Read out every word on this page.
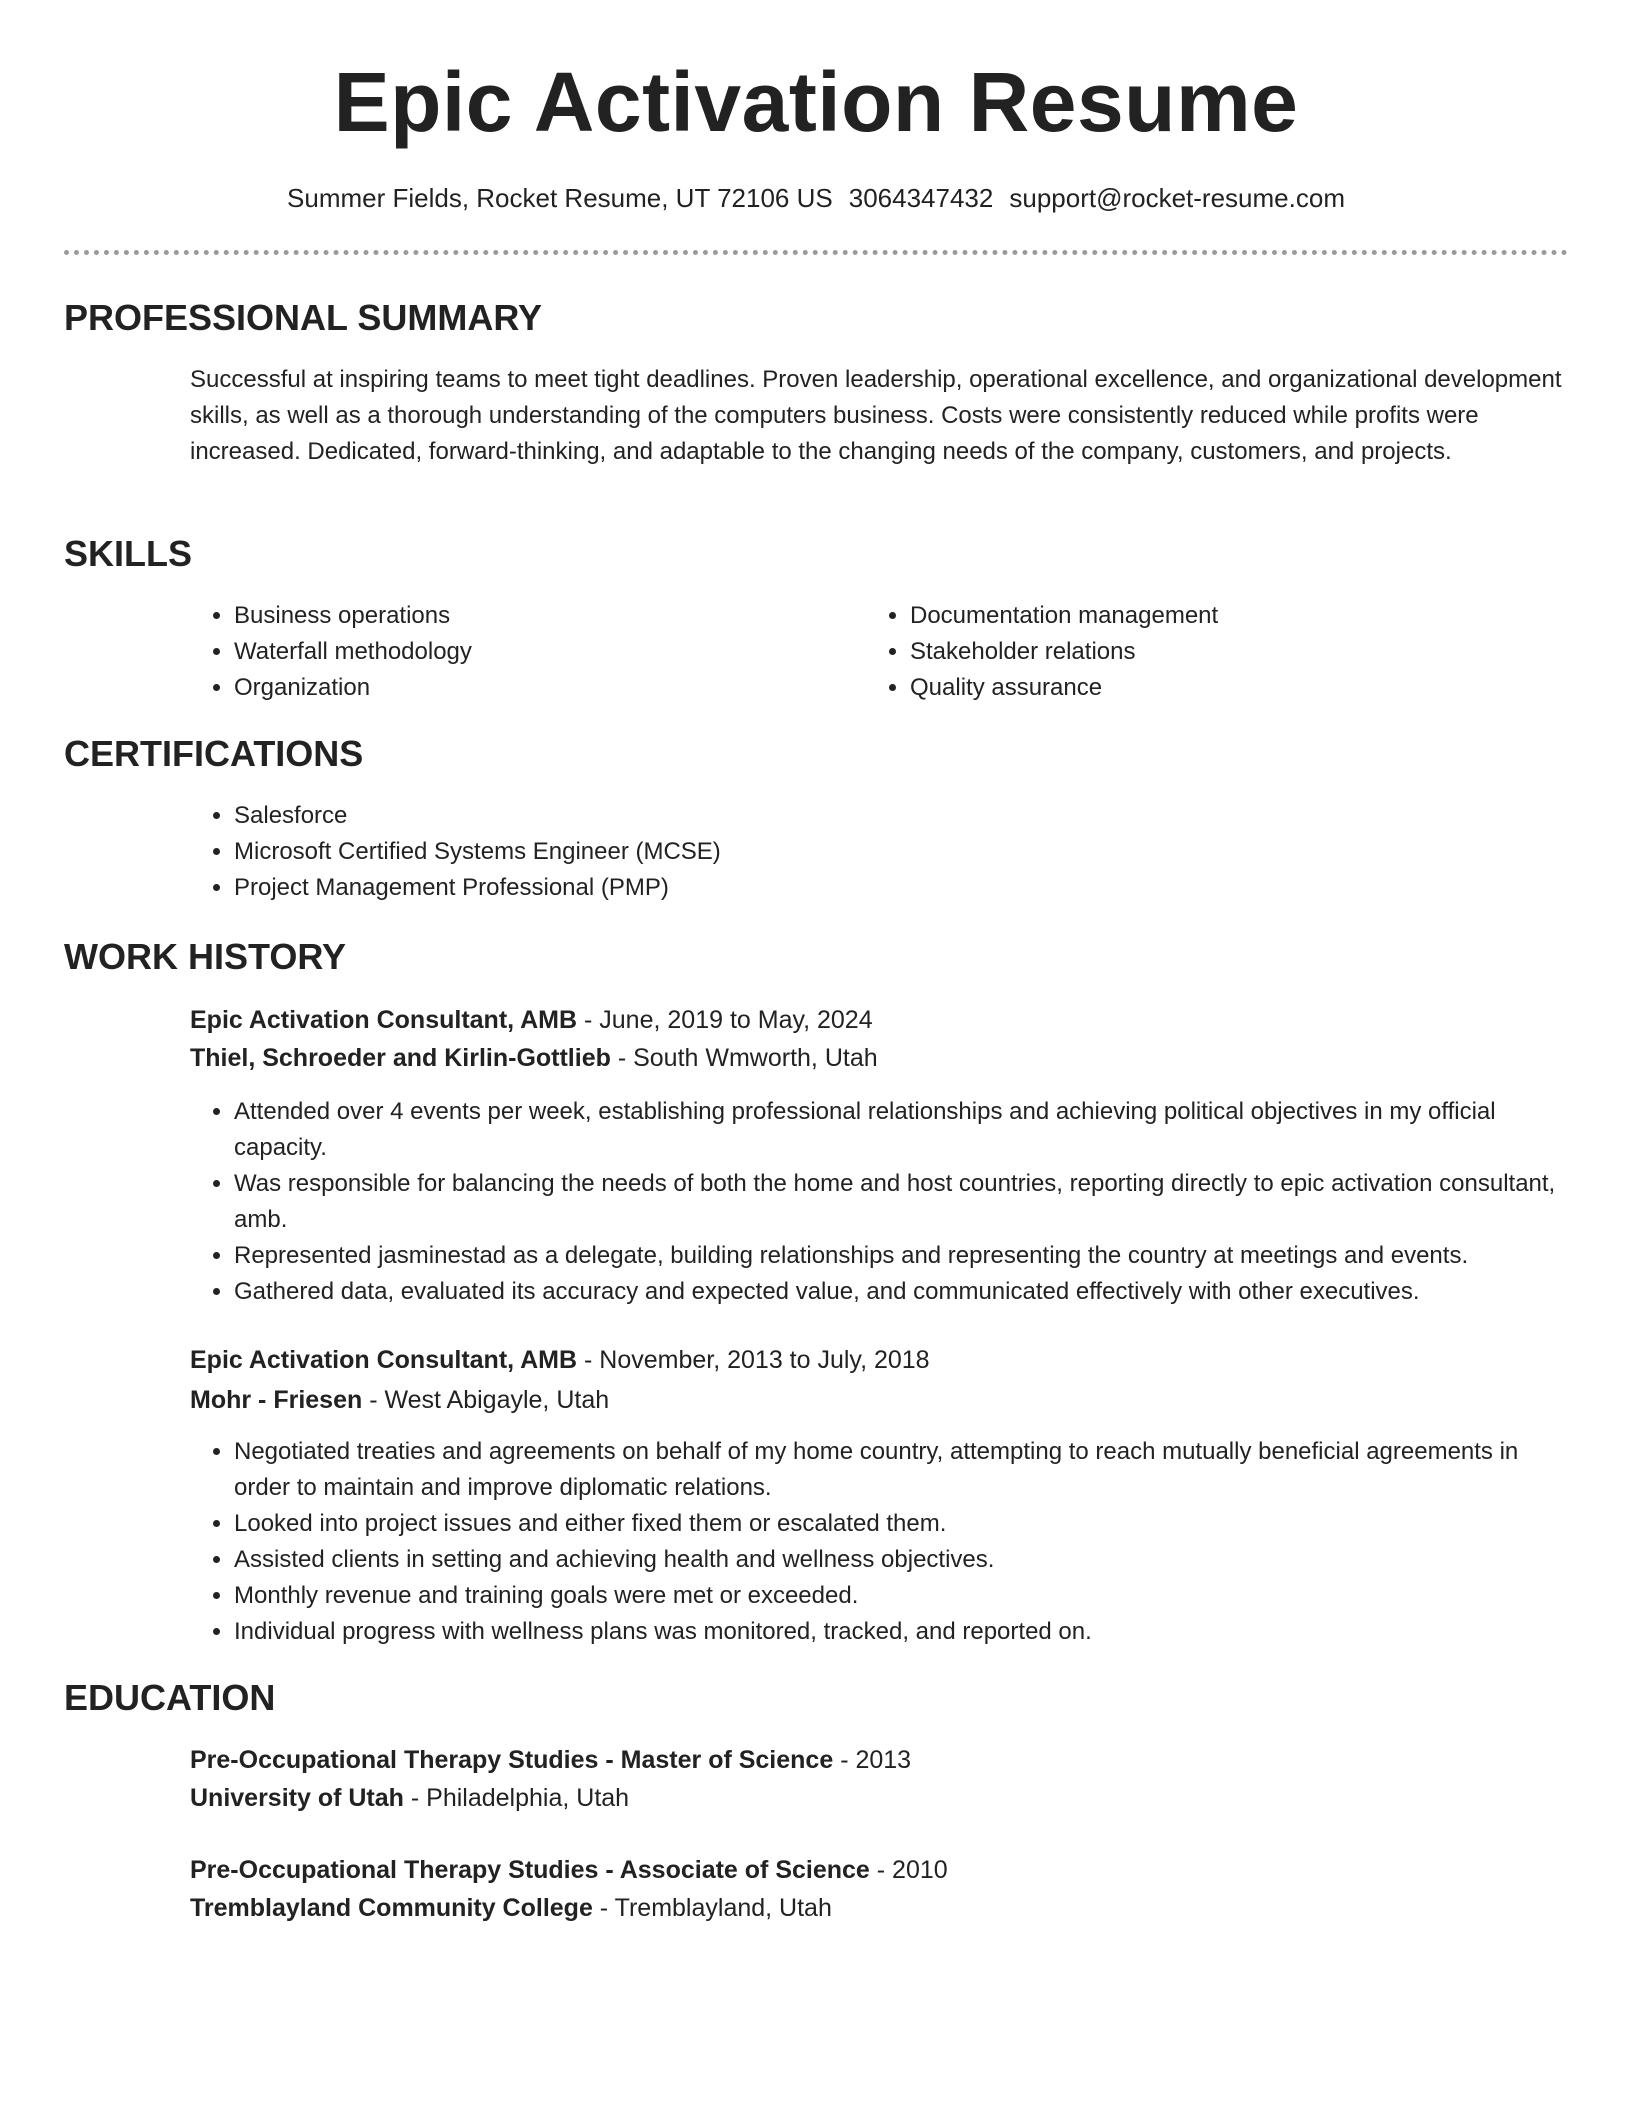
Epic Activation Resume
Summer Fields, Rocket Resume, UT 72106 US 3064347432 support@rocket-resume.com
PROFESSIONAL SUMMARY
Successful at inspiring teams to meet tight deadlines. Proven leadership, operational excellence, and organizational development skills, as well as a thorough understanding of the computers business. Costs were consistently reduced while profits were increased. Dedicated, forward-thinking, and adaptable to the changing needs of the company, customers, and projects.
SKILLS
• Business operations
• Waterfall methodology
• Organization
• Documentation management
• Stakeholder relations
• Quality assurance
CERTIFICATIONS
• Salesforce
• Microsoft Certified Systems Engineer (MCSE)
• Project Management Professional (PMP)
WORK HISTORY
Epic Activation Consultant, AMB - June, 2019 to May, 2024
Thiel, Schroeder and Kirlin-Gottlieb - South Wmworth, Utah
• Attended over 4 events per week, establishing professional relationships and achieving political objectives in my official capacity.
• Was responsible for balancing the needs of both the home and host countries, reporting directly to epic activation consultant, amb.
• Represented jasminestad as a delegate, building relationships and representing the country at meetings and events.
• Gathered data, evaluated its accuracy and expected value, and communicated effectively with other executives.
Epic Activation Consultant, AMB - November, 2013 to July, 2018
Mohr - Friesen - West Abigayle, Utah
• Negotiated treaties and agreements on behalf of my home country, attempting to reach mutually beneficial agreements in order to maintain and improve diplomatic relations.
• Looked into project issues and either fixed them or escalated them.
• Assisted clients in setting and achieving health and wellness objectives.
• Monthly revenue and training goals were met or exceeded.
• Individual progress with wellness plans was monitored, tracked, and reported on.
EDUCATION
Pre-Occupational Therapy Studies - Master of Science - 2013
University of Utah - Philadelphia, Utah
Pre-Occupational Therapy Studies - Associate of Science - 2010
Tremblayland Community College - Tremblayland, Utah
